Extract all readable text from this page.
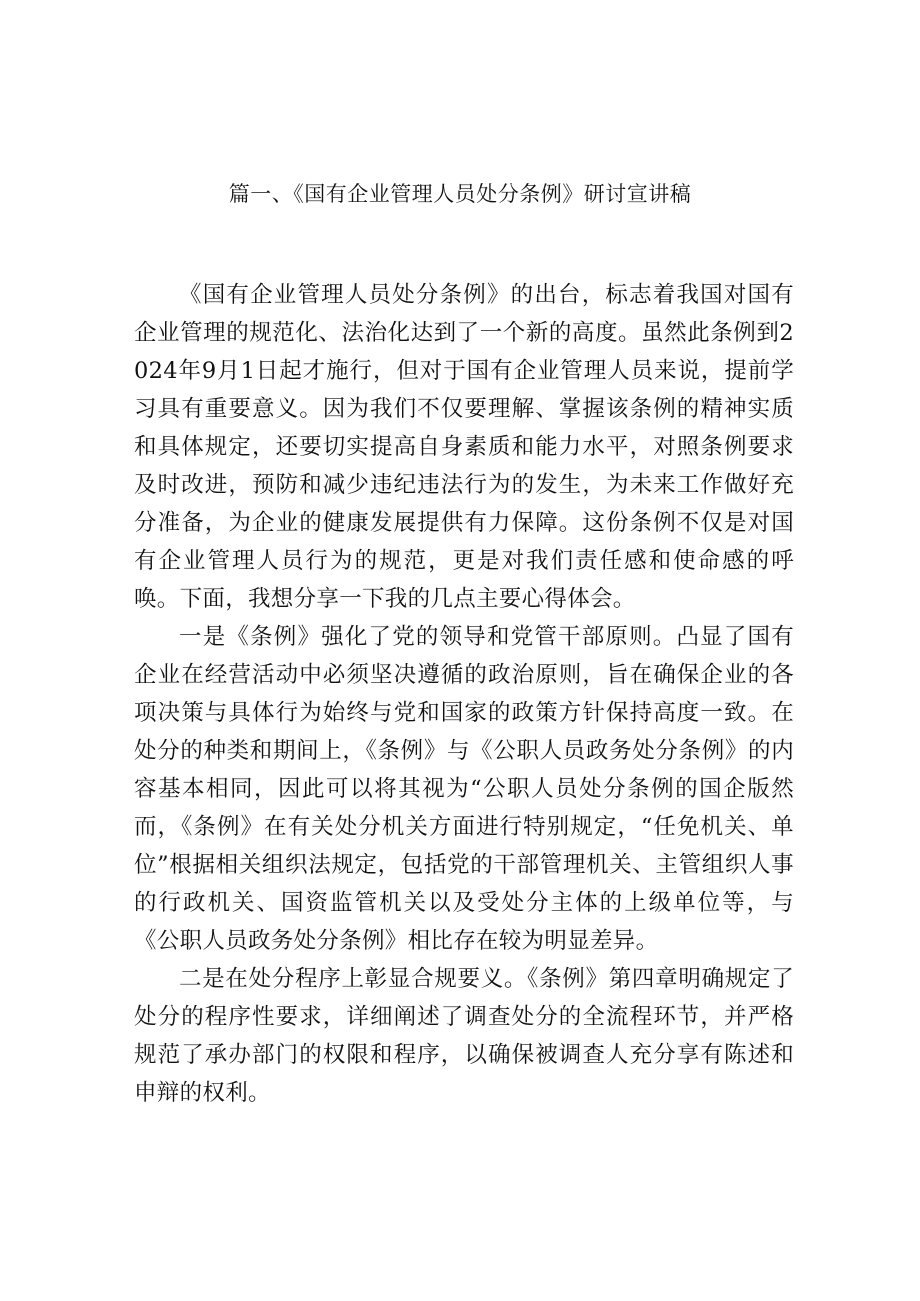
篇一、《国有企业管理人员处分条例》研讨宣讲稿

《国有企业管理人员处分条例》的出台，标志着我国对国有企业管理的规范化、法治化达到了一个新的高度。虽然此条例到2024年9月1日起才施行，但对于国有企业管理人员来说，提前学习具有重要意义。因为我们不仅要理解、掌握该条例的精神实质和具体规定，还要切实提高自身素质和能力水平，对照条例要求及时改进，预防和减少违纪违法行为的发生，为未来工作做好充分准备，为企业的健康发展提供有力保障。这份条例不仅是对国有企业管理人员行为的规范，更是对我们责任感和使命感的呼唤。下面，我想分享一下我的几点主要心得体会。

一是《条例》强化了党的领导和党管干部原则。凸显了国有企业在经营活动中必须坚决遵循的政治原则，旨在确保企业的各项决策与具体行为始终与党和国家的政策方针保持高度一致。在处分的种类和期间上，《条例》与《公职人员政务处分条例》的内容基本相同，因此可以将其视为“公职人员处分条例的国企版然而，《条例》在有关处分机关方面进行特别规定，“任免机关、单位”根据相关组织法规定，包括党的干部管理机关、主管组织人事的行政机关、国资监管机关以及受处分主体的上级单位等，与《公职人员政务处分条例》相比存在较为明显差异。

二是在处分程序上彰显合规要义。《条例》第四章明确规定了处分的程序性要求，详细阐述了调查处分的全流程环节，并严格规范了承办部门的权限和程序，以确保被调查人充分享有陈述和申辩的权利。
